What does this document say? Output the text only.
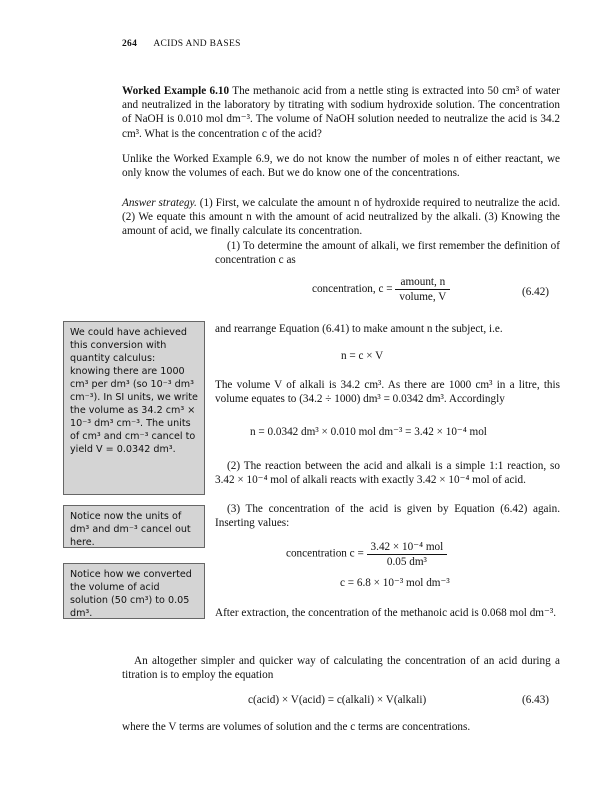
264 ACIDS AND BASES
Worked Example 6.10 The methanoic acid from a nettle sting is extracted into 50 cm³ of water and neutralized in the laboratory by titrating with sodium hydroxide solution. The concentration of NaOH is 0.010 mol dm⁻³. The volume of NaOH solution needed to neutralize the acid is 34.2 cm³. What is the concentration c of the acid?
Unlike the Worked Example 6.9, we do not know the number of moles n of either reactant, we only know the volumes of each. But we do know one of the concentrations.
Answer strategy. (1) First, we calculate the amount n of hydroxide required to neutralize the acid. (2) We equate this amount n with the amount of acid neutralized by the alkali. (3) Knowing the amount of acid, we finally calculate its concentration.
(1) To determine the amount of alkali, we first remember the definition of concentration c as
concentration, $c = \frac{\text{amount, n}}{\text{volume, V}}$	(6.42)
and rearrange Equation (6.41) to make amount n the subject, i.e.
n = c × V
The volume V of alkali is 34.2 cm³. As there are 1000 cm³ in a litre, this volume equates to (34.2 ÷ 1000) dm³ = 0.0342 dm³. Accordingly
n = 0.0342 dm³ × 0.010 mol dm⁻³ = 3.42 × 10⁻⁴ mol
(2) The reaction between the acid and alkali is a simple 1:1 reaction, so 3.42 × 10⁻⁴ mol of alkali reacts with exactly 3.42 × 10⁻⁴ mol of acid.
(3) The concentration of the acid is given by Equation (6.42) again. Inserting values:
concentration $c = \frac{\text{3.42 × 10⁻⁴ mol}}{\text{0.05 dm³}}$
c = 6.8 × 10⁻³ mol dm⁻³
After extraction, the concentration of the methanoic acid is 0.068 mol dm⁻³.
An altogether simpler and quicker way of calculating the concentration of an acid during a titration is to employ the equation
c(acid) × V(acid) = c(alkali) × V(alkali)	(6.43)
where the V terms are volumes of solution and the c terms are concentrations.
We could have achieved this conversion with quantity calculus: knowing there are 1000 cm³ per dm³ (so 10⁻³ dm³ cm⁻³). In SI units, we write the volume as 34.2 cm³ × 10⁻³ dm³ cm⁻³. The units of cm³ and cm⁻³ cancel to yield V = 0.0342 dm³.
Notice now the units of dm³ and dm⁻³ cancel out here.
Notice how we converted the volume of acid solution (50 cm³) to 0.05 dm³.
